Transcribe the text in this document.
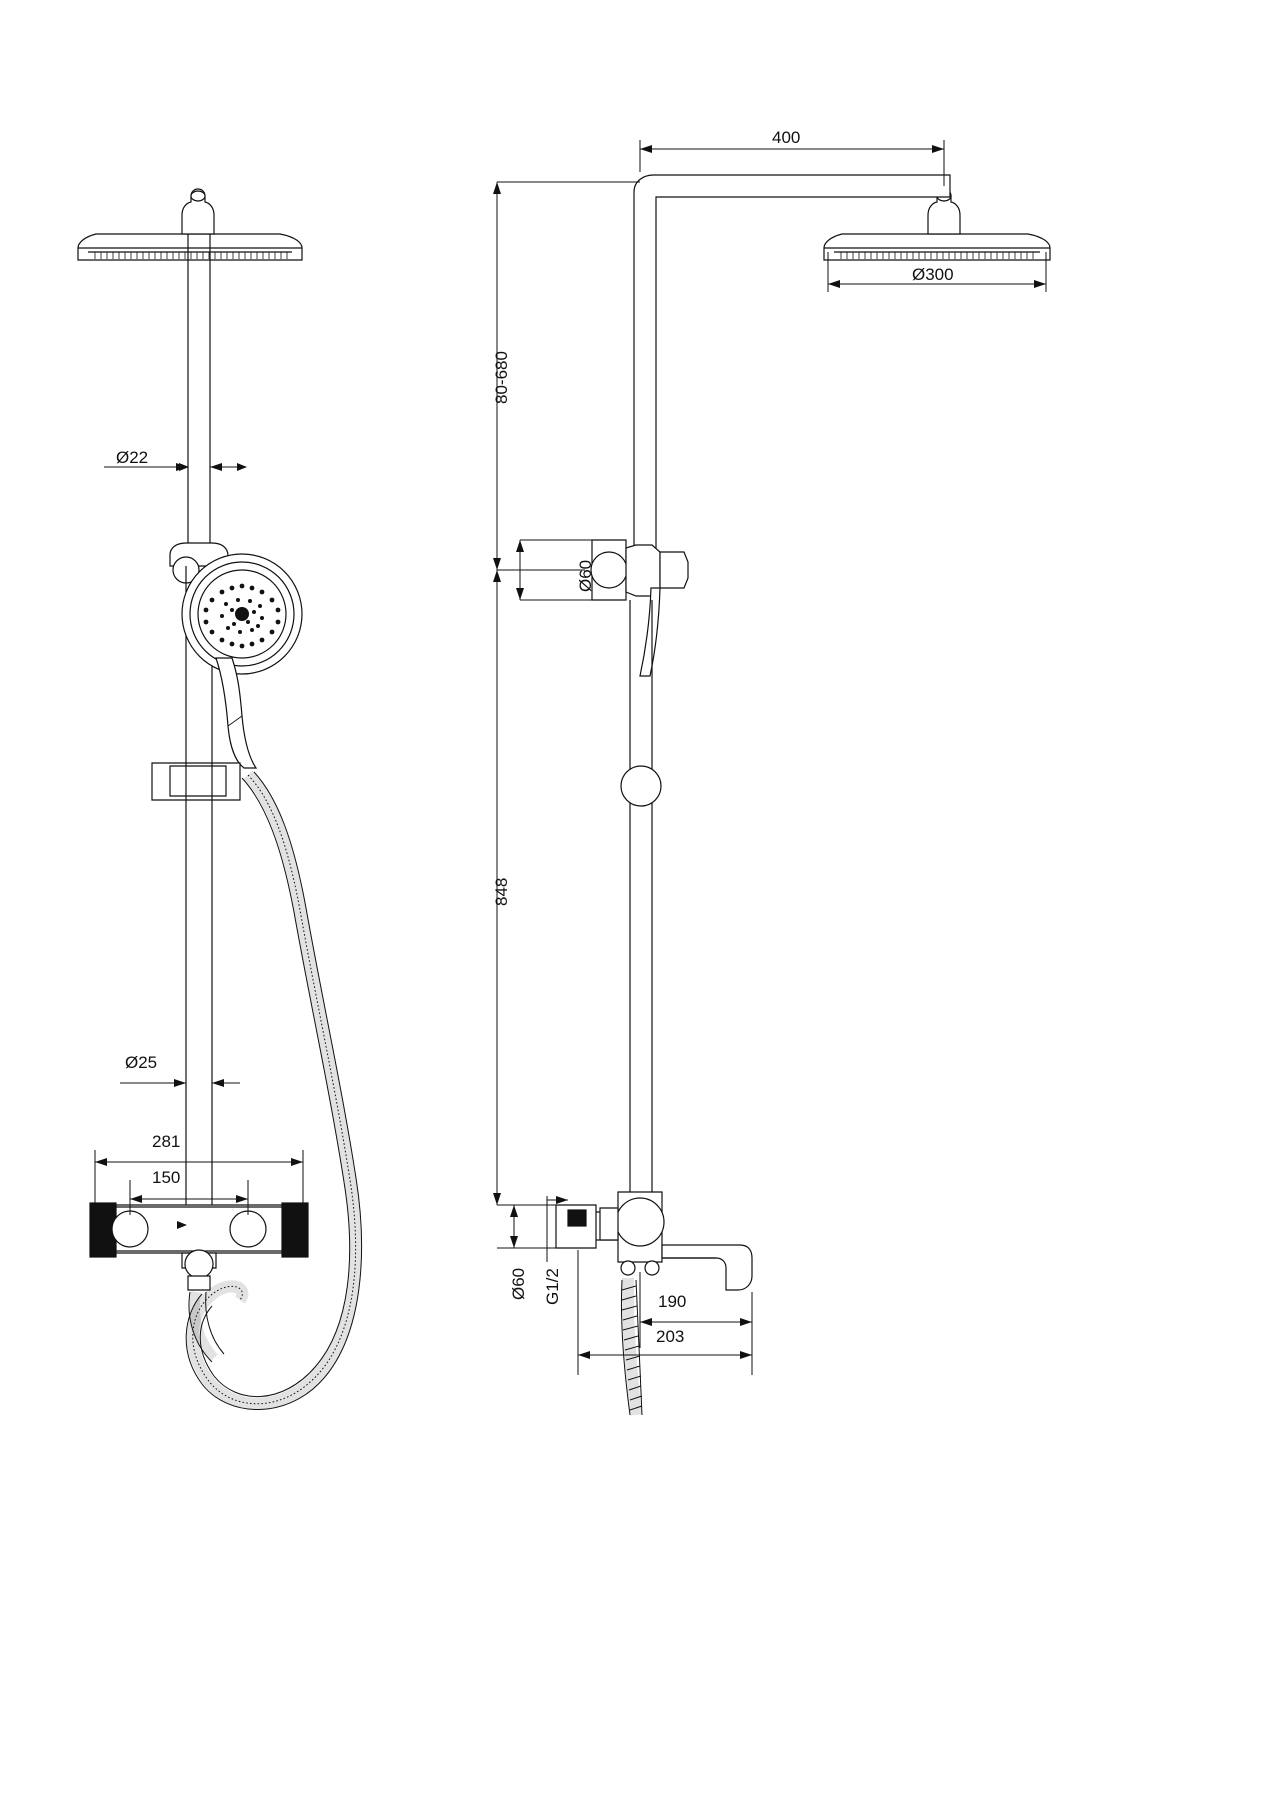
Ø22
Ø25
281
150
400
Ø300
80-680
Ø60
848
Ø60 G1/2	190
203
